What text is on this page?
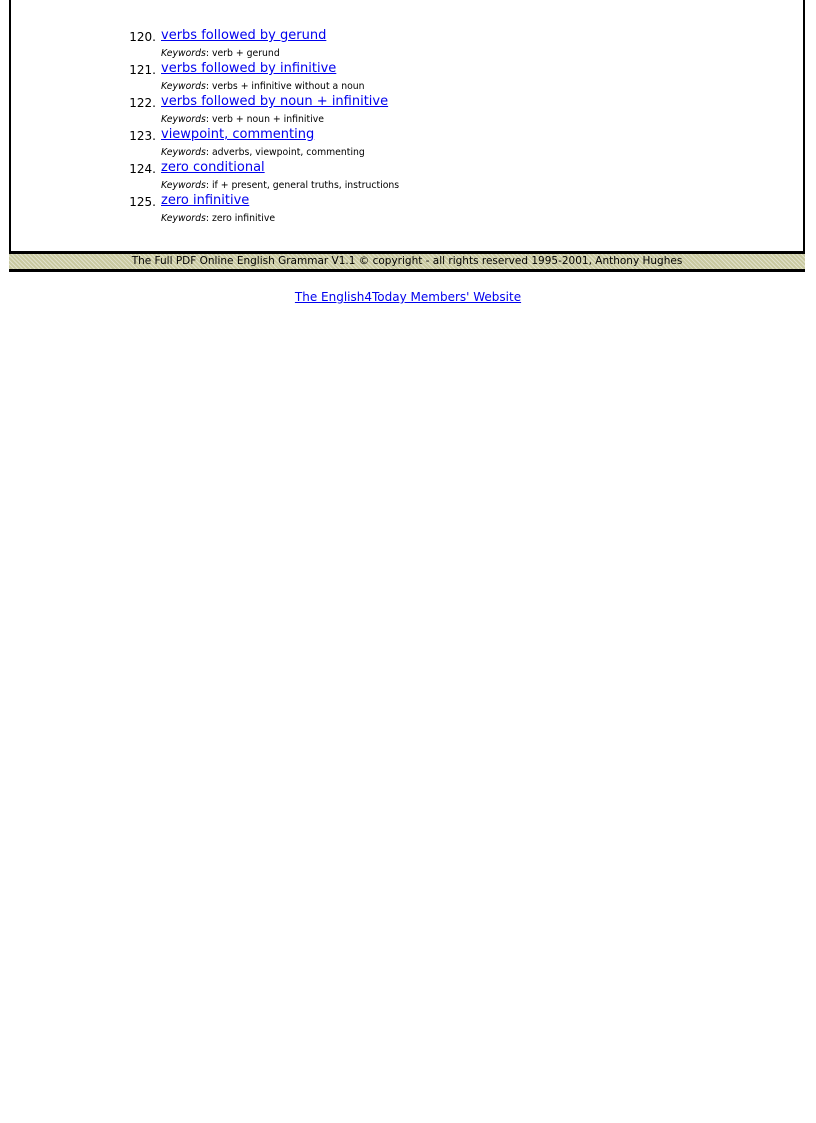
120. verbs followed by gerund
Keywords: verb + gerund
121. verbs followed by infinitive
Keywords: verbs + infinitive without a noun
122. verbs followed by noun + infinitive
Keywords: verb + noun + infinitive
123. viewpoint, commenting
Keywords: adverbs, viewpoint, commenting
124. zero conditional
Keywords: if + present, general truths, instructions
125. zero infinitive
Keywords: zero infinitive
The Full PDF Online English Grammar V1.1 © copyright - all rights reserved 1995-2001, Anthony Hughes
The English4Today Members' Website
